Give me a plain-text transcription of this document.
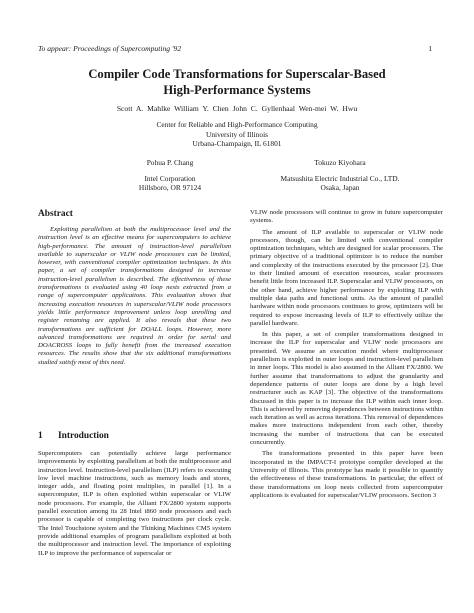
To appear: Proceedings of Supercomputing '92	1
Compiler Code Transformations for Superscalar-Based
High-Performance Systems
Scott A. Mahlke William Y. Chen John C. Gyllenhaal Wen-mei W. Hwu
Center for Reliable and High-Performance Computing
University of Illinois
Urbana-Champaign, IL 61801
Pohua P. Chang
Intel Corporation
Hillsboro, OR 97124
Tokuzo Kiyohara
Matsushita Electric Industrial Co., LTD.
Osaka, Japan
Abstract

Exploiting parallelism at both the multiprocessor level and the instruction level is an effective means for supercomputers to achieve high-performance. The amount of instruction-level parallelism available to superscalar or VLIW node processors can be limited, however, with conventional compiler optimization techniques. In this paper, a set of compiler transformations designed to increase instruction-level parallelism is described. The effectiveness of these transformations is evaluated using 40 loop nests extracted from a range of supercomputer applications. This evaluation shows that increasing execution resources in superscalar/VLIW node processors yields little performance improvement unless loop unrolling and register renaming are applied. It also reveals that these two transformations are sufficient for DOALL loops. However, more advanced transformations are required in order for serial and DOACROSS loops to fully benefit from the increased execution resources. The results show that the six additional transformations studied satisfy most of this need.

1 Introduction

Supercomputers can potentially achieve large performance improvements by exploiting parallelism at both the multiprocessor and instruction level. Instruction-level parallelism (ILP) refers to executing low level machine instructions, such as memory loads and stores, integer adds, and floating point multiplies, in parallel [1]. In a supercomputer, ILP is often exploited within superscalar or VLIW node processors. For example, the Alliant FX/2800 system supports parallel execution among its 28 Intel i860 node processors and each processor is capable of completing two instructions per clock cycle. The Intel Touchstone system and the Thinking Machines CM5 system provide additional examples of program parallelism exploited at both the multiprocessor and instruction level. The importance of exploiting ILP to improve the performance of superscalar or

VLIW node processors will continue to grow in future supercomputer systems.

The amount of ILP available to superscalar or VLIW node processors, though, can be limited with conventional compiler optimization techniques, which are designed for scalar processors. The primary objective of a traditional optimizer is to reduce the number and complexity of the instructions executed by the processor [2]. Due to their limited amount of execution resources, scalar processors benefit little from increased ILP. Superscalar and VLIW processors, on the other hand, achieve higher performance by exploiting ILP with multiple data paths and functional units. As the amount of parallel hardware within node processors continues to grow, optimizers will be required to expose increasing levels of ILP to effectively utilize the parallel hardware.

In this paper, a set of compiler transformations designed to increase the ILP for superscalar and VLIW node processors are presented. We assume an execution model where multiprocessor parallelism is exploited in outer loops and instruction-level parallelism in inner loops. This model is also assumed in the Alliant FX/2800. We further assume that transformations to adjust the granularity and dependence patterns of outer loops are done by a high level restructurer such as KAP [3]. The objective of the transformations discussed in this paper is to increase the ILP within each inner loop. This is achieved by removing dependences between instructions within each iteration as well as across iterations. This removal of dependences makes more instructions independent from each other, thereby increasing the number of instructions that can be executed concurrently.

The transformations presented in this paper have been incorporated in the IMPACT-I prototype compiler developed at the University of Illinois. This prototype has made it possible to quantify the effectiveness of these transformations. In particular, the effect of these transformations on loop nests collected from supercomputer applications is evaluated for superscalar/VLIW processors. Section 3
